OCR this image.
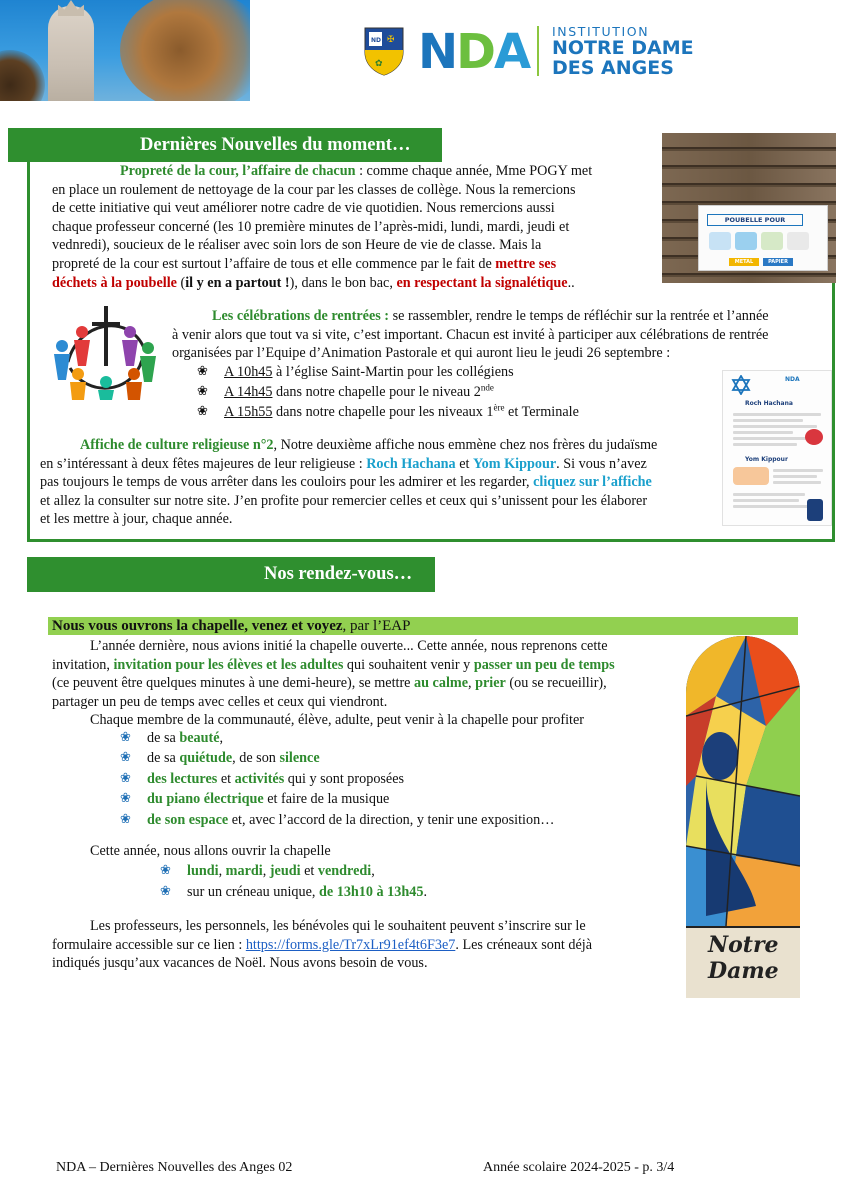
ND ✠
✿ NDA INSTITUTION
NOTRE DAME
DES ANGES
Dernières Nouvelles du moment…
POUBELLE POUR
METAL	PAPIER
Propreté de la cour, l’affaire de chacun : comme chaque année, Mme POGY met
en place un roulement de nettoyage de la cour par les classes de collège. Nous la remercions
de cette initiative qui veut améliorer notre cadre de vie quotidien. Nous remercions aussi
chaque professeur concerné (les 10 première minutes de l’après-midi, lundi, mardi, jeudi et
vednredi), soucieux de le réaliser avec soin lors de son Heure de vie de classe. Mais la
propreté de la cour est surtout l’affaire de tous et elle commence par le fait de mettre ses
déchets à la poubelle (il y en a partout !), dans le bon bac, en respectant la signalétique..
Les célébrations de rentrées : se rassembler, rendre le temps de réfléchir sur la rentrée et l’année
à venir alors que tout va si vite, c’est important. Chacun est invité à participer aux célébrations de rentrée
organisées par l’Equipe d’Animation Pastorale et qui auront lieu le jeudi 26 septembre :
❀ A 10h45 à l’église Saint-Martin pour les collégiens
❀ A 14h45 dans notre chapelle pour le niveau 2nde
❀ A 15h55 dans notre chapelle pour les niveaux 1ère et Terminale
NDA
Roch Hachana
Yom Kippour
Affiche de culture religieuse n°2, Notre deuxième affiche nous emmène chez nos frères du judaïsme
en s’intéressant à deux fêtes majeures de leur religieuse : Roch Hachana et Yom Kippour. Si vous n’avez
pas toujours le temps de vous arrêter dans les couloirs pour les admirer et les regarder, cliquez sur l’affiche
et allez la consulter sur notre site. J’en profite pour remercier celles et ceux qui s’unissent pour les élaborer
et les mettre à jour, chaque année.
Nos rendez-vous…
Nous vous ouvrons la chapelle, venez et voyez, par l’EAP
Notre
Dame
L’année dernière, nous avions initié la chapelle ouverte... Cette année, nous reprenons cette
invitation, invitation pour les élèves et les adultes qui souhaitent venir y passer un peu de temps
(ce peuvent être quelques minutes à une demi-heure), se mettre au calme, prier (ou se recueillir),
partager un peu de temps avec celles et ceux qui viendront.
Chaque membre de la communauté, élève, adulte, peut venir à la chapelle pour profiter
❀ de sa beauté,
❀ de sa quiétude, de son silence
❀ des lectures et activités qui y sont proposées
❀ du piano électrique et faire de la musique
❀ de son espace et, avec l’accord de la direction, y tenir une exposition…
Cette année, nous allons ouvrir la chapelle
❀ lundi, mardi, jeudi et vendredi,
❀ sur un créneau unique, de 13h10 à 13h45.
Les professeurs, les personnels, les bénévoles qui le souhaitent peuvent s’inscrire sur le
formulaire accessible sur ce lien : https://forms.gle/Tr7xLr91ef4t6F3e7. Les créneaux sont déjà
indiqués jusqu’aux vacances de Noël. Nous avons besoin de vous.
NDA – Dernières Nouvelles des Anges 02	Année scolaire 2024-2025 - p. 3/4
